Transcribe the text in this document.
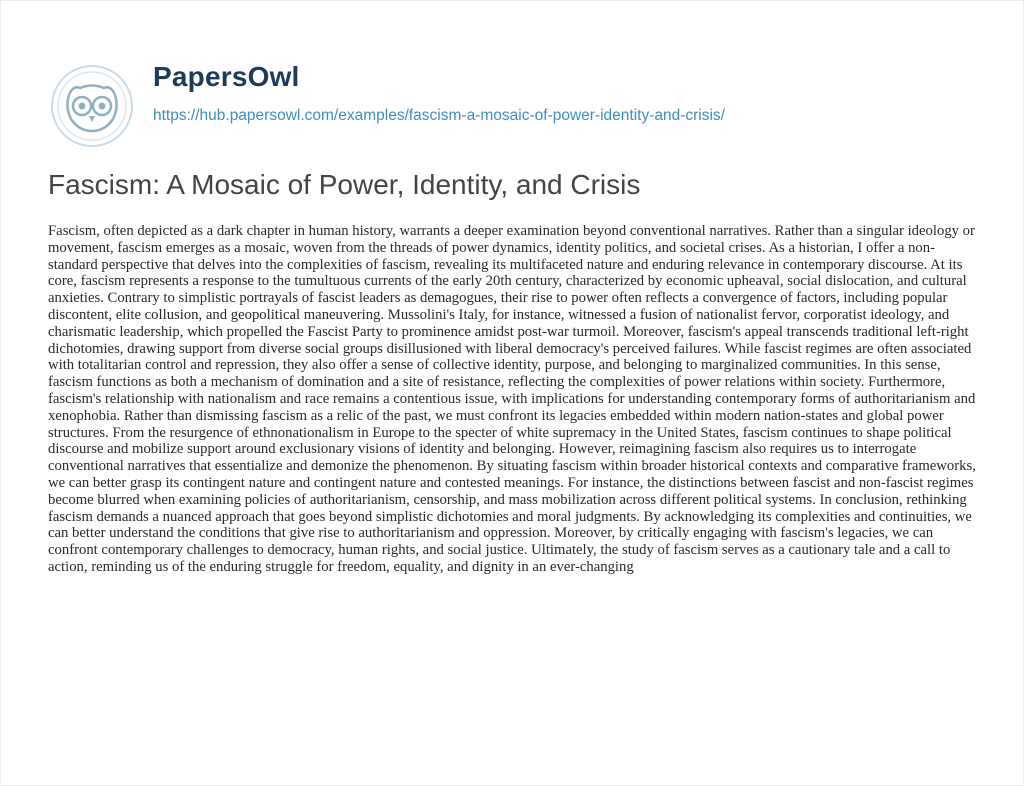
PapersOwl
https://hub.papersowl.com/examples/fascism-a-mosaic-of-power-identity-and-crisis/
Fascism: A Mosaic of Power, Identity, and Crisis

Fascism, often depicted as a dark chapter in human history, warrants a deeper examination beyond conventional narratives. Rather than a singular ideology or movement, fascism emerges as a mosaic, woven from the threads of power dynamics, identity politics, and societal crises. As a historian, I offer a non-standard perspective that delves into the complexities of fascism, revealing its multifaceted nature and enduring relevance in contemporary discourse. At its core, fascism represents a response to the tumultuous currents of the early 20th century, characterized by economic upheaval, social dislocation, and cultural anxieties. Contrary to simplistic portrayals of fascist leaders as demagogues, their rise to power often reflects a convergence of factors, including popular discontent, elite collusion, and geopolitical maneuvering. Mussolini's Italy, for instance, witnessed a fusion of nationalist fervor, corporatist ideology, and charismatic leadership, which propelled the Fascist Party to prominence amidst post-war turmoil. Moreover, fascism's appeal transcends traditional left-right dichotomies, drawing support from diverse social groups disillusioned with liberal democracy's perceived failures. While fascist regimes are often associated with totalitarian control and repression, they also offer a sense of collective identity, purpose, and belonging to marginalized communities. In this sense, fascism functions as both a mechanism of domination and a site of resistance, reflecting the complexities of power relations within society. Furthermore, fascism's relationship with nationalism and race remains a contentious issue, with implications for understanding contemporary forms of authoritarianism and xenophobia. Rather than dismissing fascism as a relic of the past, we must confront its legacies embedded within modern nation-states and global power structures. From the resurgence of ethnonationalism in Europe to the specter of white supremacy in the United States, fascism continues to shape political discourse and mobilize support around exclusionary visions of identity and belonging. However, reimagining fascism also requires us to interrogate conventional narratives that essentialize and demonize the phenomenon. By situating fascism within broader historical contexts and comparative frameworks, we can better grasp its contingent nature and contingent nature and contested meanings. For instance, the distinctions between fascist and non-fascist regimes become blurred when examining policies of authoritarianism, censorship, and mass mobilization across different political systems. In conclusion, rethinking fascism demands a nuanced approach that goes beyond simplistic dichotomies and moral judgments. By acknowledging its complexities and continuities, we can better understand the conditions that give rise to authoritarianism and oppression. Moreover, by critically engaging with fascism's legacies, we can confront contemporary challenges to democracy, human rights, and social justice. Ultimately, the study of fascism serves as a cautionary tale and a call to action, reminding us of the enduring struggle for freedom, equality, and dignity in an ever-changing
